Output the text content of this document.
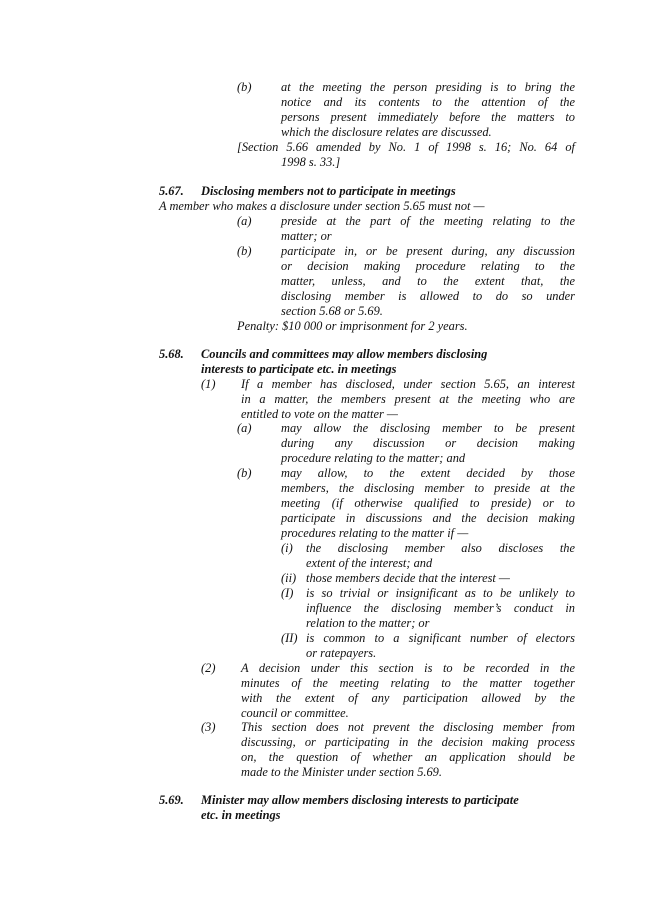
(b) at the meeting the person presiding is to bring the
notice and its contents to the attention of the
persons present immediately before the matters to
which the disclosure relates are discussed.
[Section 5.66 amended by No. 1 of 1998 s. 16; No. 64 of
1998 s. 33.]
5.67. Disclosing members not to participate in meetings
A member who makes a disclosure under section 5.65 must not —
(a) preside at the part of the meeting relating to the
matter; or
(b) participate in, or be present during, any discussion
or decision making procedure relating to the
matter, unless, and to the extent that, the
disclosing member is allowed to do so under
section 5.68 or 5.69.
Penalty: $10 000 or imprisonment for 2 years.
5.68. Councils and committees may allow members disclosing
interests to participate etc. in meetings
(1) If a member has disclosed, under section 5.65, an interest
in a matter, the members present at the meeting who are
entitled to vote on the matter —
(a) may allow the disclosing member to be present
during any discussion or decision making
procedure relating to the matter; and
(b) may allow, to the extent decided by those
members, the disclosing member to preside at the
meeting (if otherwise qualified to preside) or to
participate in discussions and the decision making
procedures relating to the matter if —
(i) the disclosing member also discloses the
extent of the interest; and
(ii) those members decide that the interest —
(I) is so trivial or insignificant as to be unlikely to
influence the disclosing member’s conduct in
relation to the matter; or
(II) is common to a significant number of electors
or ratepayers.
(2) A decision under this section is to be recorded in the
minutes of the meeting relating to the matter together
with the extent of any participation allowed by the
council or committee.
(3) This section does not prevent the disclosing member from
discussing, or participating in the decision making process
on, the question of whether an application should be
made to the Minister under section 5.69.
5.69. Minister may allow members disclosing interests to participate
etc. in meetings
